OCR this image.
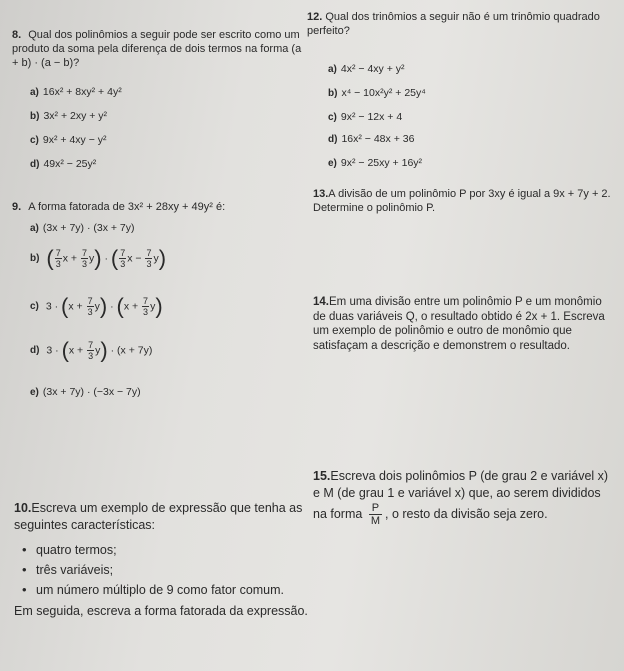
8. Qual dos polinômios a seguir pode ser escrito como um produto da soma pela diferença de dois termos na forma (a + b) · (a − b)?
a) 16x² + 8xy² + 4y²
b) 3x² + 2xy + y²
c) 9x² + 4xy − y²
d) 49x² − 25y²
12. Qual dos trinômios a seguir não é um trinômio quadrado perfeito?
a) 4x² − 4xy + y²
b) x⁴ − 10x²y² + 25y⁴
c) 9x² − 12x + 4
d) 16x² − 48x + 36
e) 9x² − 25xy + 16y²
9. A forma fatorada de 3x² + 28xy + 49y² é:
a) (3x + 7y) · (3x + 7y)
b) ( $\frac{7}{3}$ $x + \frac{7}{3} y$) · ( $\frac{7}{3}$ $x - \frac{7}{3} y$)
c) $3 \cdot (x + \frac{7}{3} y) \cdot (x + \frac{7}{3} y)$
d) $3 \cdot (x + \frac{7}{3} y) \cdot (x + 7y)$
e) (3x + 7y) · (−3x − 7y)
13.A divisão de um polinômio P por 3xy é igual a 9x + 7y + 2. Determine o polinômio P.
14.Em uma divisão entre um polinômio P e um monômio de duas variáveis Q, o resultado obtido é 2x + 1. Escreva um exemplo de polinômio e outro de monômio que satisfaçam a descrição e demonstrem o resultado.
15.Escreva dois polinômios P (de grau 2 e variável x) e M (de grau 1 e variável x) que, ao serem divididos na forma $\frac{P}{M}$ , o resto da divisão seja zero.
10.Escreva um exemplo de expressão que tenha as seguintes características:
• quatro termos;
• três variáveis;
• um número múltiplo de 9 como fator comum.
Em seguida, escreva a forma fatorada da expressão.
